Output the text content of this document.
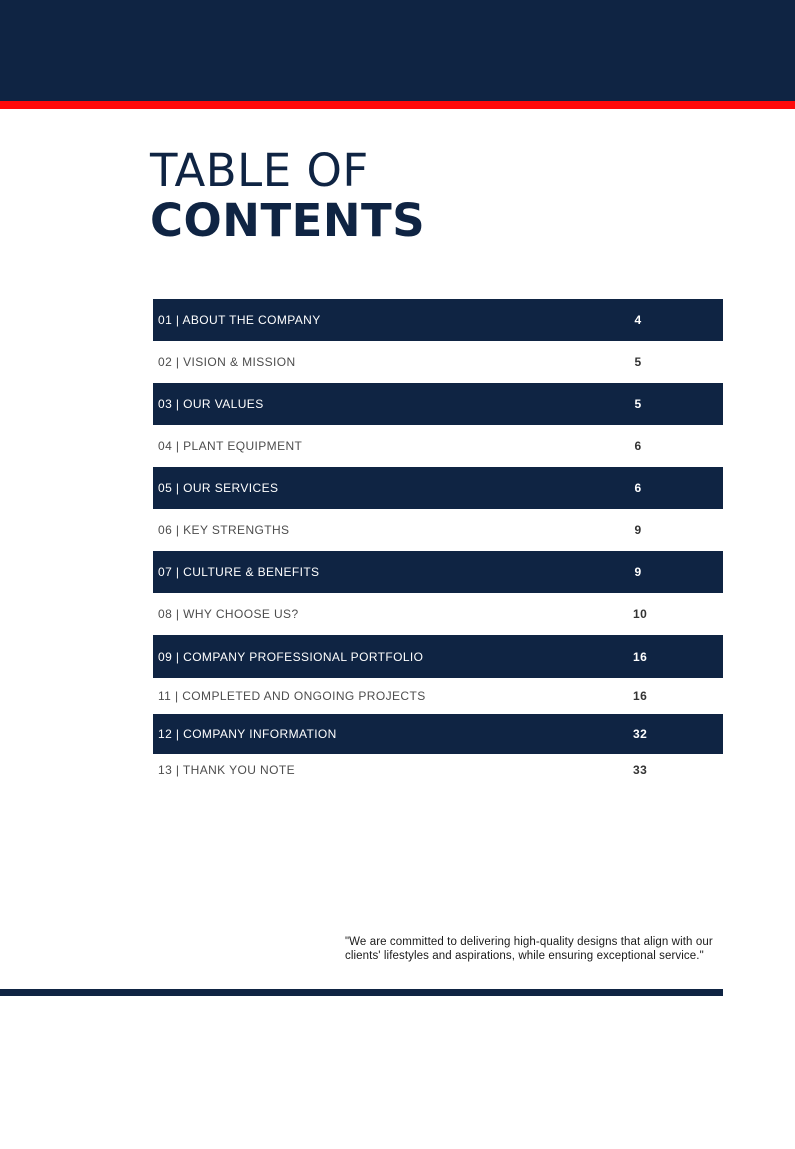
TABLE OF
CONTENTS
01 | ABOUT THE COMPANY	4
02 | VISION & MISSION	5
03 | OUR VALUES	5
04 | PLANT EQUIPMENT	6
05 | OUR SERVICES	6
06 | KEY STRENGTHS	9
07 | CULTURE & BENEFITS	9
08 | WHY CHOOSE US?	10
09 | COMPANY PROFESSIONAL PORTFOLIO	16
11 | COMPLETED AND ONGOING PROJECTS	16
12 | COMPANY INFORMATION	32
13 | THANK YOU NOTE	33

"We are committed to delivering high-quality designs that align with our clients' lifestyles and aspirations, while ensuring exceptional service."
